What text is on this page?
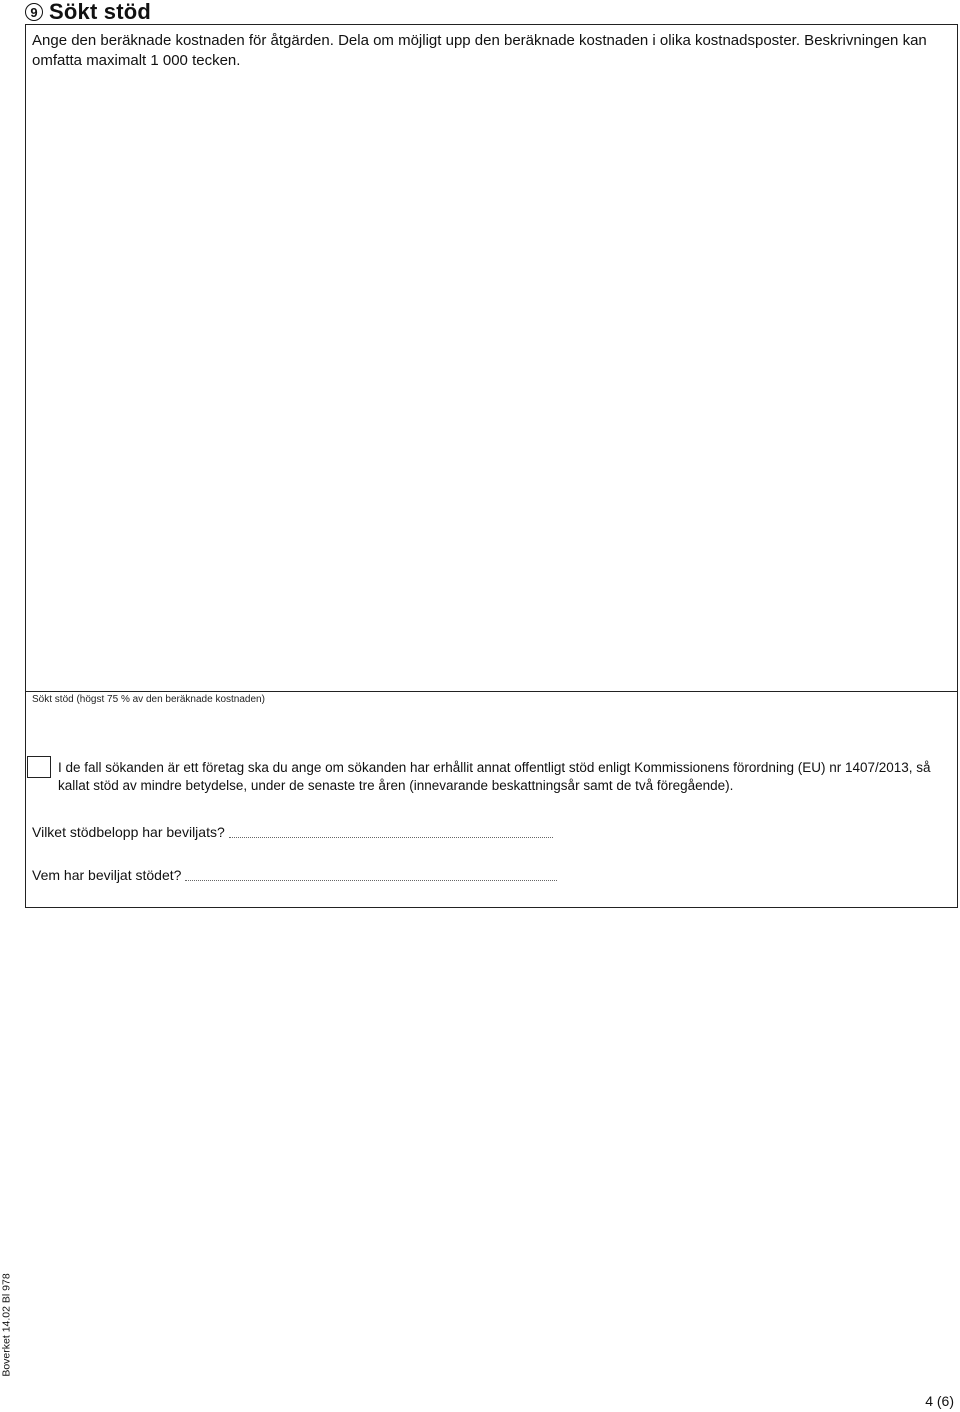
9 Sökt stöd
Ange den beräknade kostnaden för åtgärden. Dela om möjligt upp den beräknade kostnaden i olika kostnadsposter. Beskrivningen kan omfatta maximalt 1 000 tecken.
Sökt stöd (högst 75 % av den beräknade kostnaden)
I de fall sökanden är ett företag ska du ange om sökanden har erhållit annat offentligt stöd enligt Kommissionens förordning (EU) nr 1407/2013, så kallat stöd av mindre betydelse, under de senaste tre åren (innevarande beskattningsår samt de två föregående).
Vilket stödbelopp har beviljats?
Vem har beviljat stödet?
Boverket 14.02 Bl 978
4 (6)
